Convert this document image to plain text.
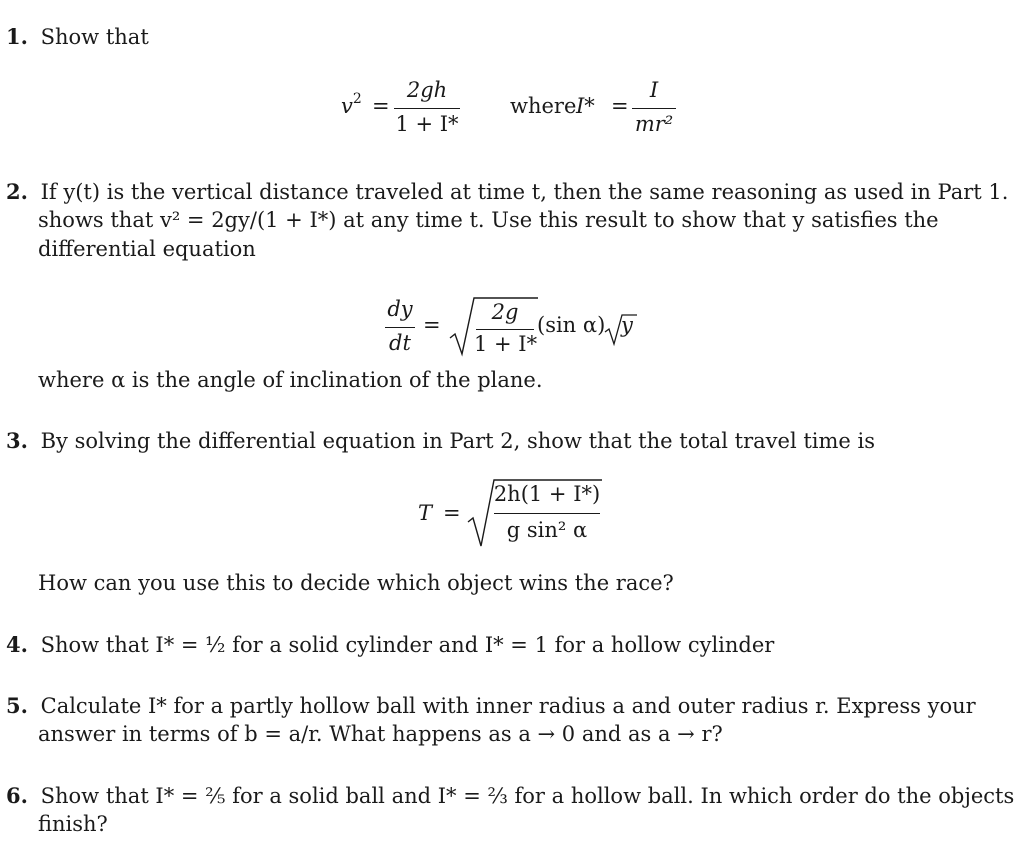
1. Show that
$v^2$ =
2gh
1 + I*
where I* =
I
mr²
2. If y(t) is the vertical distance traveled at time t, then the same reasoning as used in Part 1.
shows that v² = 2gy/(1 + I*) at any time t. Use this result to show that y satisfies the
differential equation
dy
dt
=
2g
1 + I*
(sin α) y
where α is the angle of inclination of the plane.
3. By solving the differential equation in Part 2, show that the total travel time is
T =
2h(1 + I*)
g sin² α
How can you use this to decide which object wins the race?
4. Show that I* = ½ for a solid cylinder and I* = 1 for a hollow cylinder
5. Calculate I* for a partly hollow ball with inner radius a and outer radius r. Express your
answer in terms of b = a/r. What happens as a → 0 and as a → r?
6. Show that I* = ⅖ for a solid ball and I* = ⅔ for a hollow ball. In which order do the objects
finish?
